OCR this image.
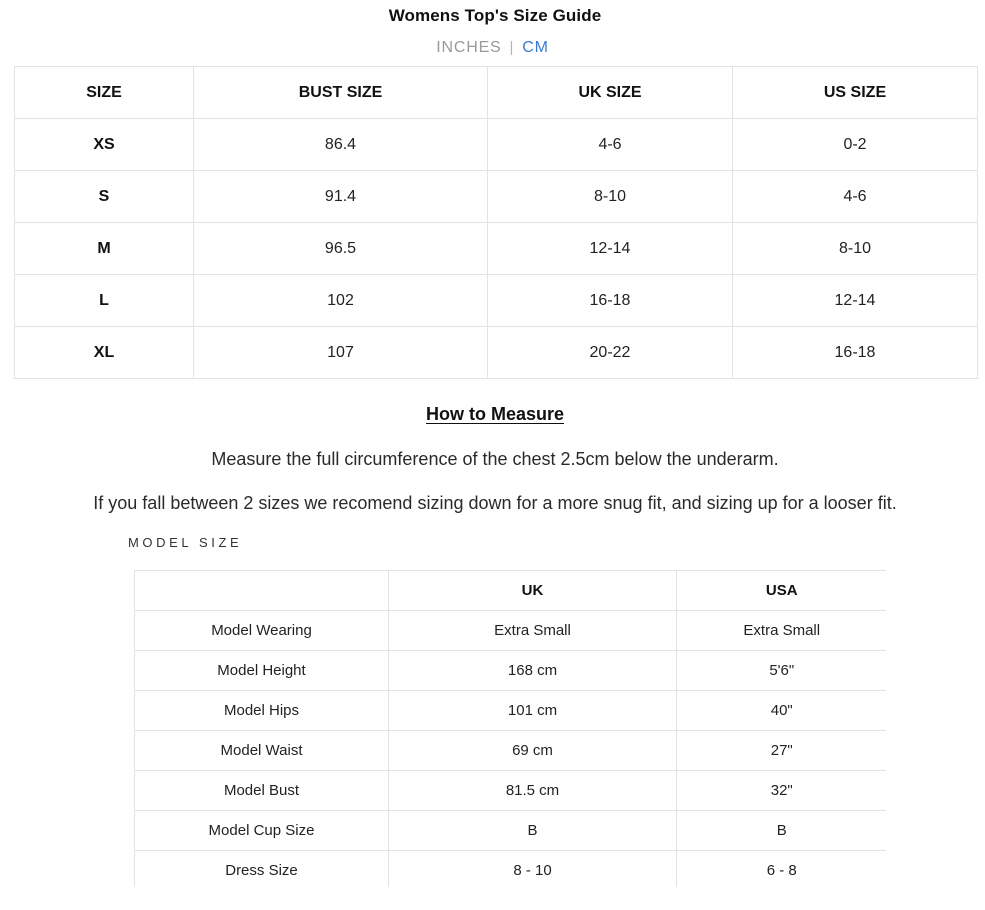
Womens Top's Size Guide
INCHES | CM
SIZE	BUST SIZE	UK SIZE	US SIZE
XS	86.4	4-6	0-2
S	91.4	8-10	4-6
M	96.5	12-14	8-10
L	102	16-18	12-14
XL	107	20-22	16-18
How to Measure
Measure the full circumference of the chest 2.5cm below the underarm.
If you fall between 2 sizes we recomend sizing down for a more snug fit, and sizing up for a looser fit.
MODEL SIZE
	UK	USA
Model Wearing	Extra Small	Extra Small
Model Height	168 cm	5'6"
Model Hips	101 cm	40"
Model Waist	69 cm	27"
Model Bust	81.5 cm	32"
Model Cup Size	B	B
Dress Size	8 - 10	6 - 8
